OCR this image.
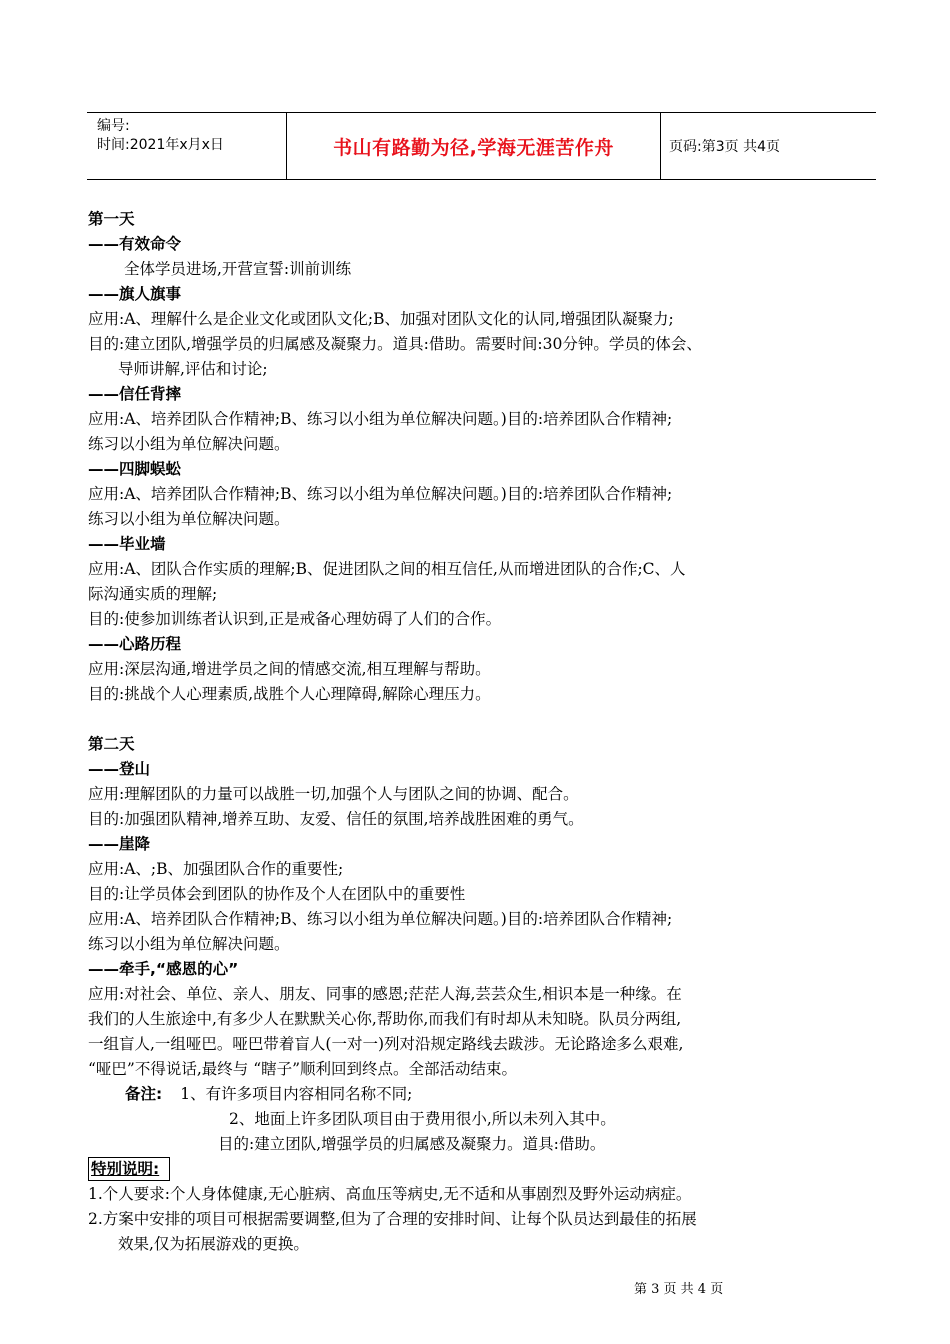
编号:
时间:2021年x月x日	书山有路勤为径,学海无涯苦作舟	页码:第3页 共4页
第一天
——有效命令
全体学员进场,开营宣誓:训前训练
——旗人旗事
应用:A、理解什么是企业文化或团队文化;B、加强对团队文化的认同,增强团队凝聚力;
目的:建立团队,增强学员的归属感及凝聚力。道具:借助。需要时间:30分钟。学员的体会、
导师讲解,评估和讨论;
——信任背摔
应用:A、培养团队合作精神;B、练习以小组为单位解决问题。)目的:培养团队合作精神;
练习以小组为单位解决问题。
——四脚蜈蚣
应用:A、培养团队合作精神;B、练习以小组为单位解决问题。)目的:培养团队合作精神;
练习以小组为单位解决问题。
——毕业墙
应用:A、团队合作实质的理解;B、促进团队之间的相互信任,从而增进团队的合作;C、人
际沟通实质的理解;
目的:使参加训练者认识到,正是戒备心理妨碍了人们的合作。
——心路历程
应用:深层沟通,增进学员之间的情感交流,相互理解与帮助。
目的:挑战个人心理素质,战胜个人心理障碍,解除心理压力。
第二天
——登山
应用:理解团队的力量可以战胜一切,加强个人与团队之间的协调、配合。
目的:加强团队精神,增养互助、友爱、信任的氛围,培养战胜困难的勇气。
——崖降
应用:A、;B、加强团队合作的重要性;
目的:让学员体会到团队的协作及个人在团队中的重要性
应用:A、培养团队合作精神;B、练习以小组为单位解决问题。)目的:培养团队合作精神;
练习以小组为单位解决问题。
——牵手,“感恩的心”
应用:对社会、单位、亲人、朋友、同事的感恩;茫茫人海,芸芸众生,相识本是一种缘。在
我们的人生旅途中,有多少人在默默关心你,帮助你,而我们有时却从未知晓。队员分两组,
一组盲人,一组哑巴。哑巴带着盲人(一对一)列对沿规定路线去跋涉。无论路途多么艰难,
“哑巴”不得说话,最终与 “瞎子”顺利回到终点。全部活动结束。
备注: 1、有许多项目内容相同名称不同;
2、地面上许多团队项目由于费用很小,所以未列入其中。
目的:建立团队,增强学员的归属感及凝聚力。道具:借助。
特别说明:
1.个人要求:个人身体健康,无心脏病、高血压等病史,无不适和从事剧烈及野外运动病症。
2.方案中安排的项目可根据需要调整,但为了合理的安排时间、让每个队员达到最佳的拓展
效果,仅为拓展游戏的更换。
第 3 页 共 4 页
